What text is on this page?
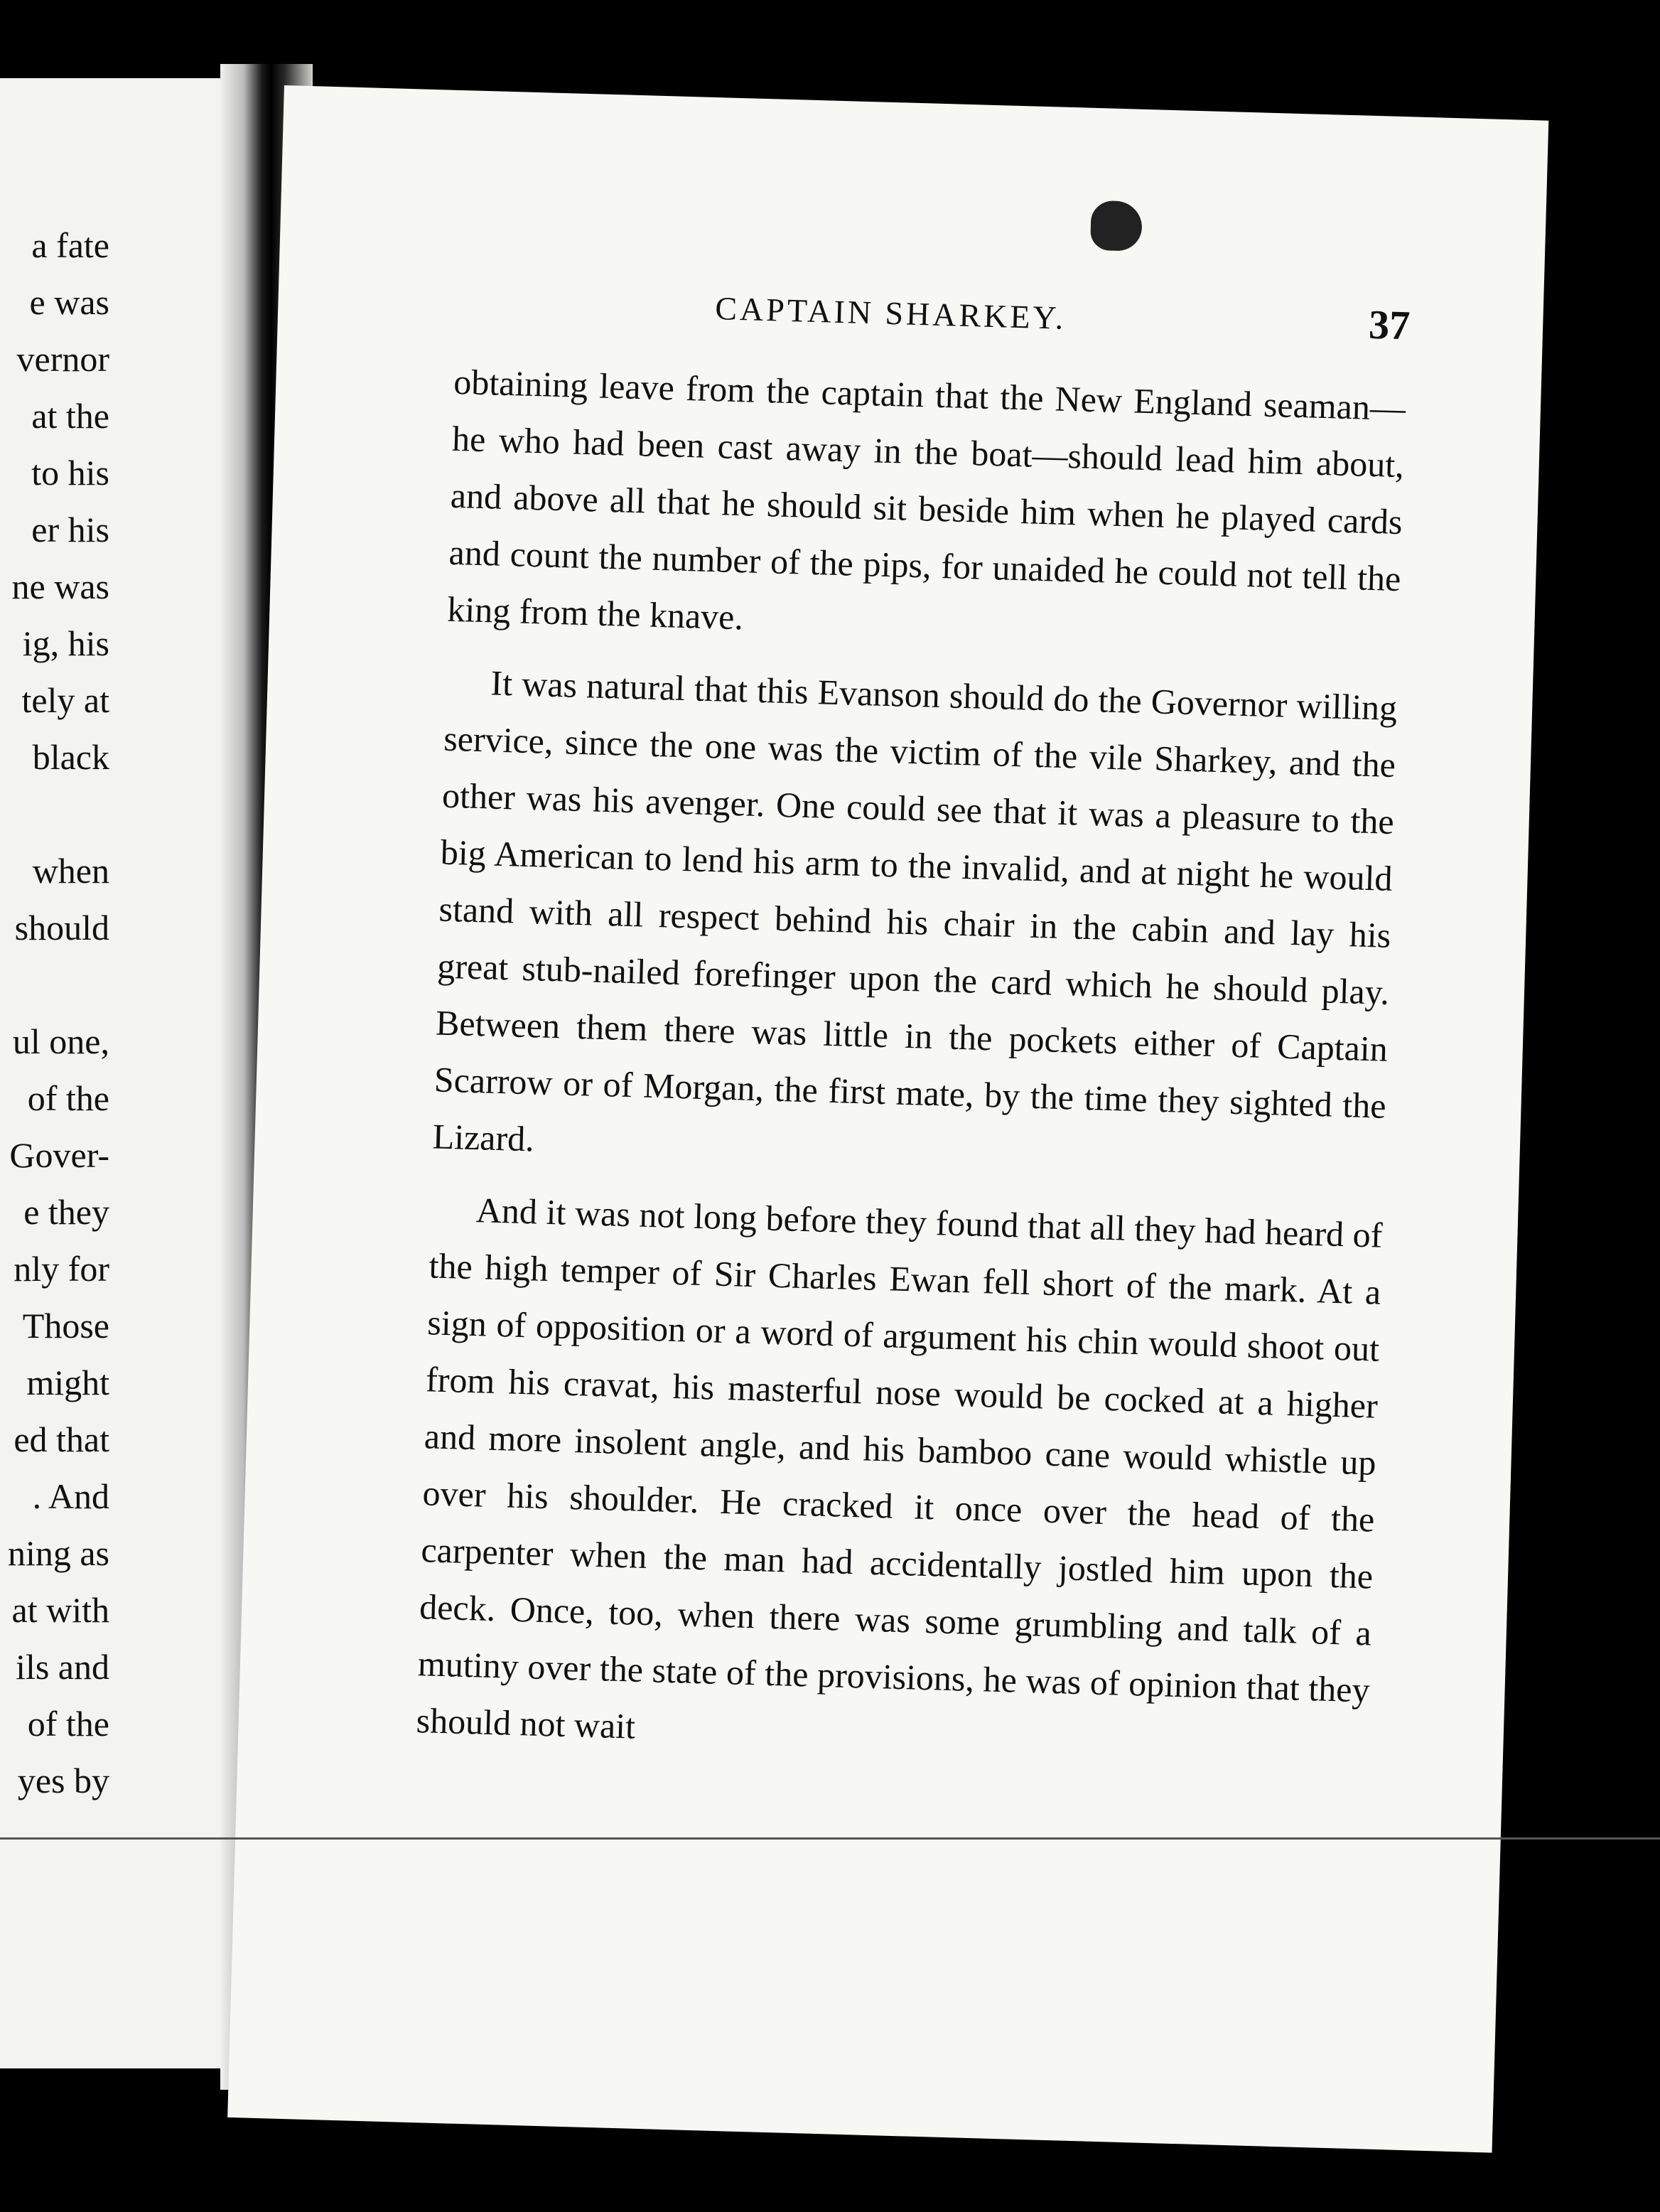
a fate
e was
vernor
at the
to his
er his
ne was
ig, his
tely at
black
when
should
ul one,
of the
Gover-
e they
nly for
Those
might
ed that
. And
ning as
at with
ils and
of the
yes by
CAPTAIN SHARKEY.	37

obtaining leave from the captain that the New England seaman—he who had been cast away in the boat—should lead him about, and above all that he should sit beside him when he played cards and count the number of the pips, for unaided he could not tell the king from the knave.

It was natural that this Evanson should do the Governor willing service, since the one was the victim of the vile Sharkey, and the other was his avenger. One could see that it was a pleasure to the big American to lend his arm to the invalid, and at night he would stand with all respect behind his chair in the cabin and lay his great stub-nailed forefinger upon the card which he should play. Between them there was little in the pockets either of Captain Scarrow or of Morgan, the first mate, by the time they sighted the Lizard.

And it was not long before they found that all they had heard of the high temper of Sir Charles Ewan fell short of the mark. At a sign of opposition or a word of argument his chin would shoot out from his cravat, his masterful nose would be cocked at a higher and more insolent angle, and his bamboo cane would whistle up over his shoulder. He cracked it once over the head of the carpenter when the man had accidentally jostled him upon the deck. Once, too, when there was some grumbling and talk of a mutiny over the state of the provisions, he was of opinion that they should not wait
